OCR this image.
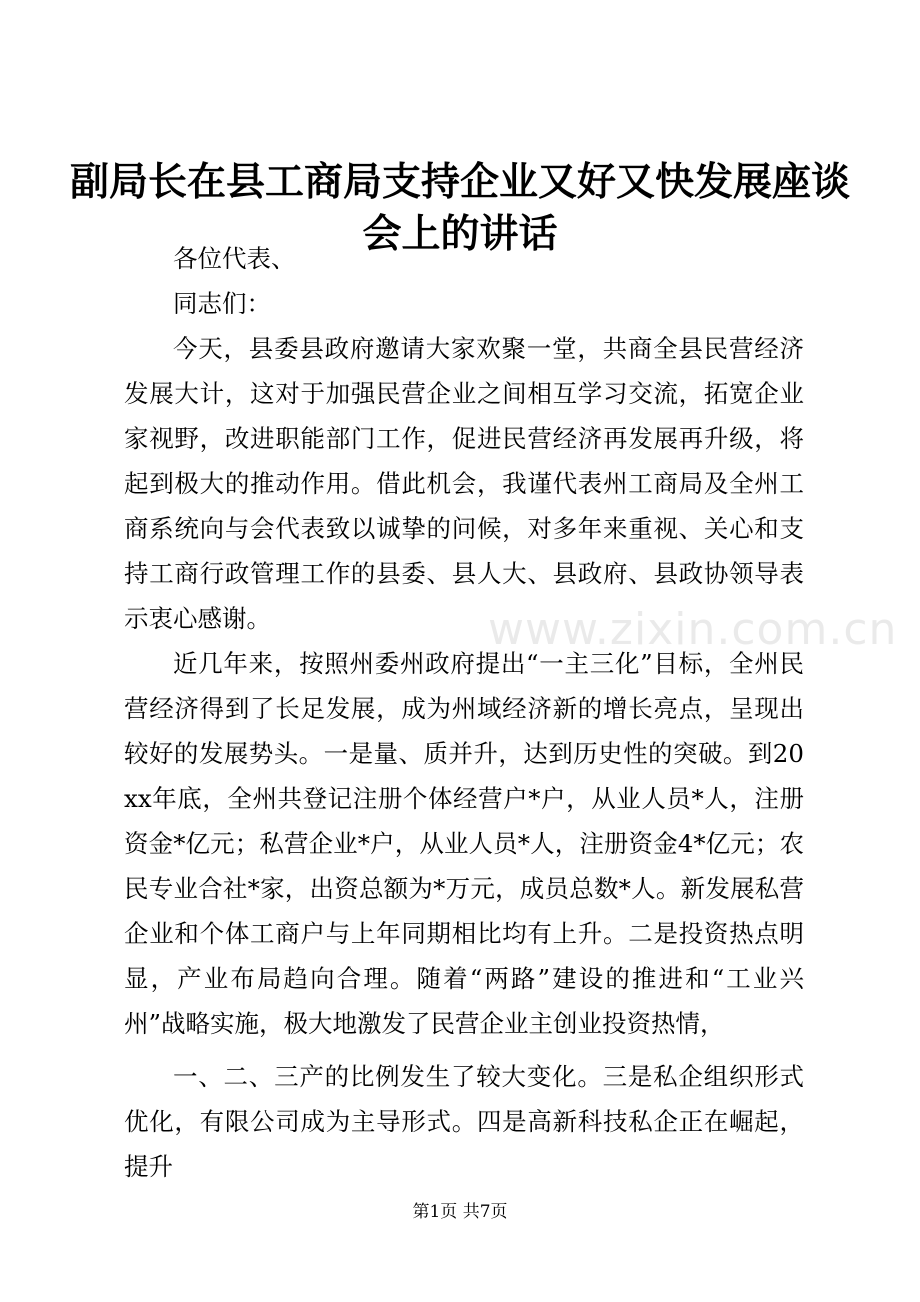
副局长在县工商局支持企业又好又快发展座谈
会上的讲话

各位代表、

同志们：

今天，县委县政府邀请大家欢聚一堂，共商全县民营经济发展大计，这对于加强民营企业之间相互学习交流，拓宽企业家视野，改进职能部门工作，促进民营经济再发展再升级，将起到极大的推动作用。借此机会，我谨代表州工商局及全州工商系统向与会代表致以诚挚的问候，对多年来重视、关心和支持工商行政管理工作的县委、县人大、县政府、县政协领导表示衷心感谢。

近几年来，按照州委州政府提出“一主三化”目标，全州民营经济得到了长足发展，成为州域经济新的增长亮点，呈现出较好的发展势头。一是量、质并升，达到历史性的突破。到20xx年底，全州共登记注册个体经营户*户，从业人员*人，注册资金*亿元；私营企业*户，从业人员*人，注册资金4*亿元；农民专业合社*家，出资总额为*万元，成员总数*人。新发展私营企业和个体工商户与上年同期相比均有上升。二是投资热点明显，产业布局趋向合理。随着“两路”建设的推进和“工业兴州”战略实施，极大地激发了民营企业主创业投资热情，

一、二、三产的比例发生了较大变化。三是私企组织形式优化，有限公司成为主导形式。四是高新科技私企正在崛起，提升

www.zixin.com.cn
第1页 共7页
